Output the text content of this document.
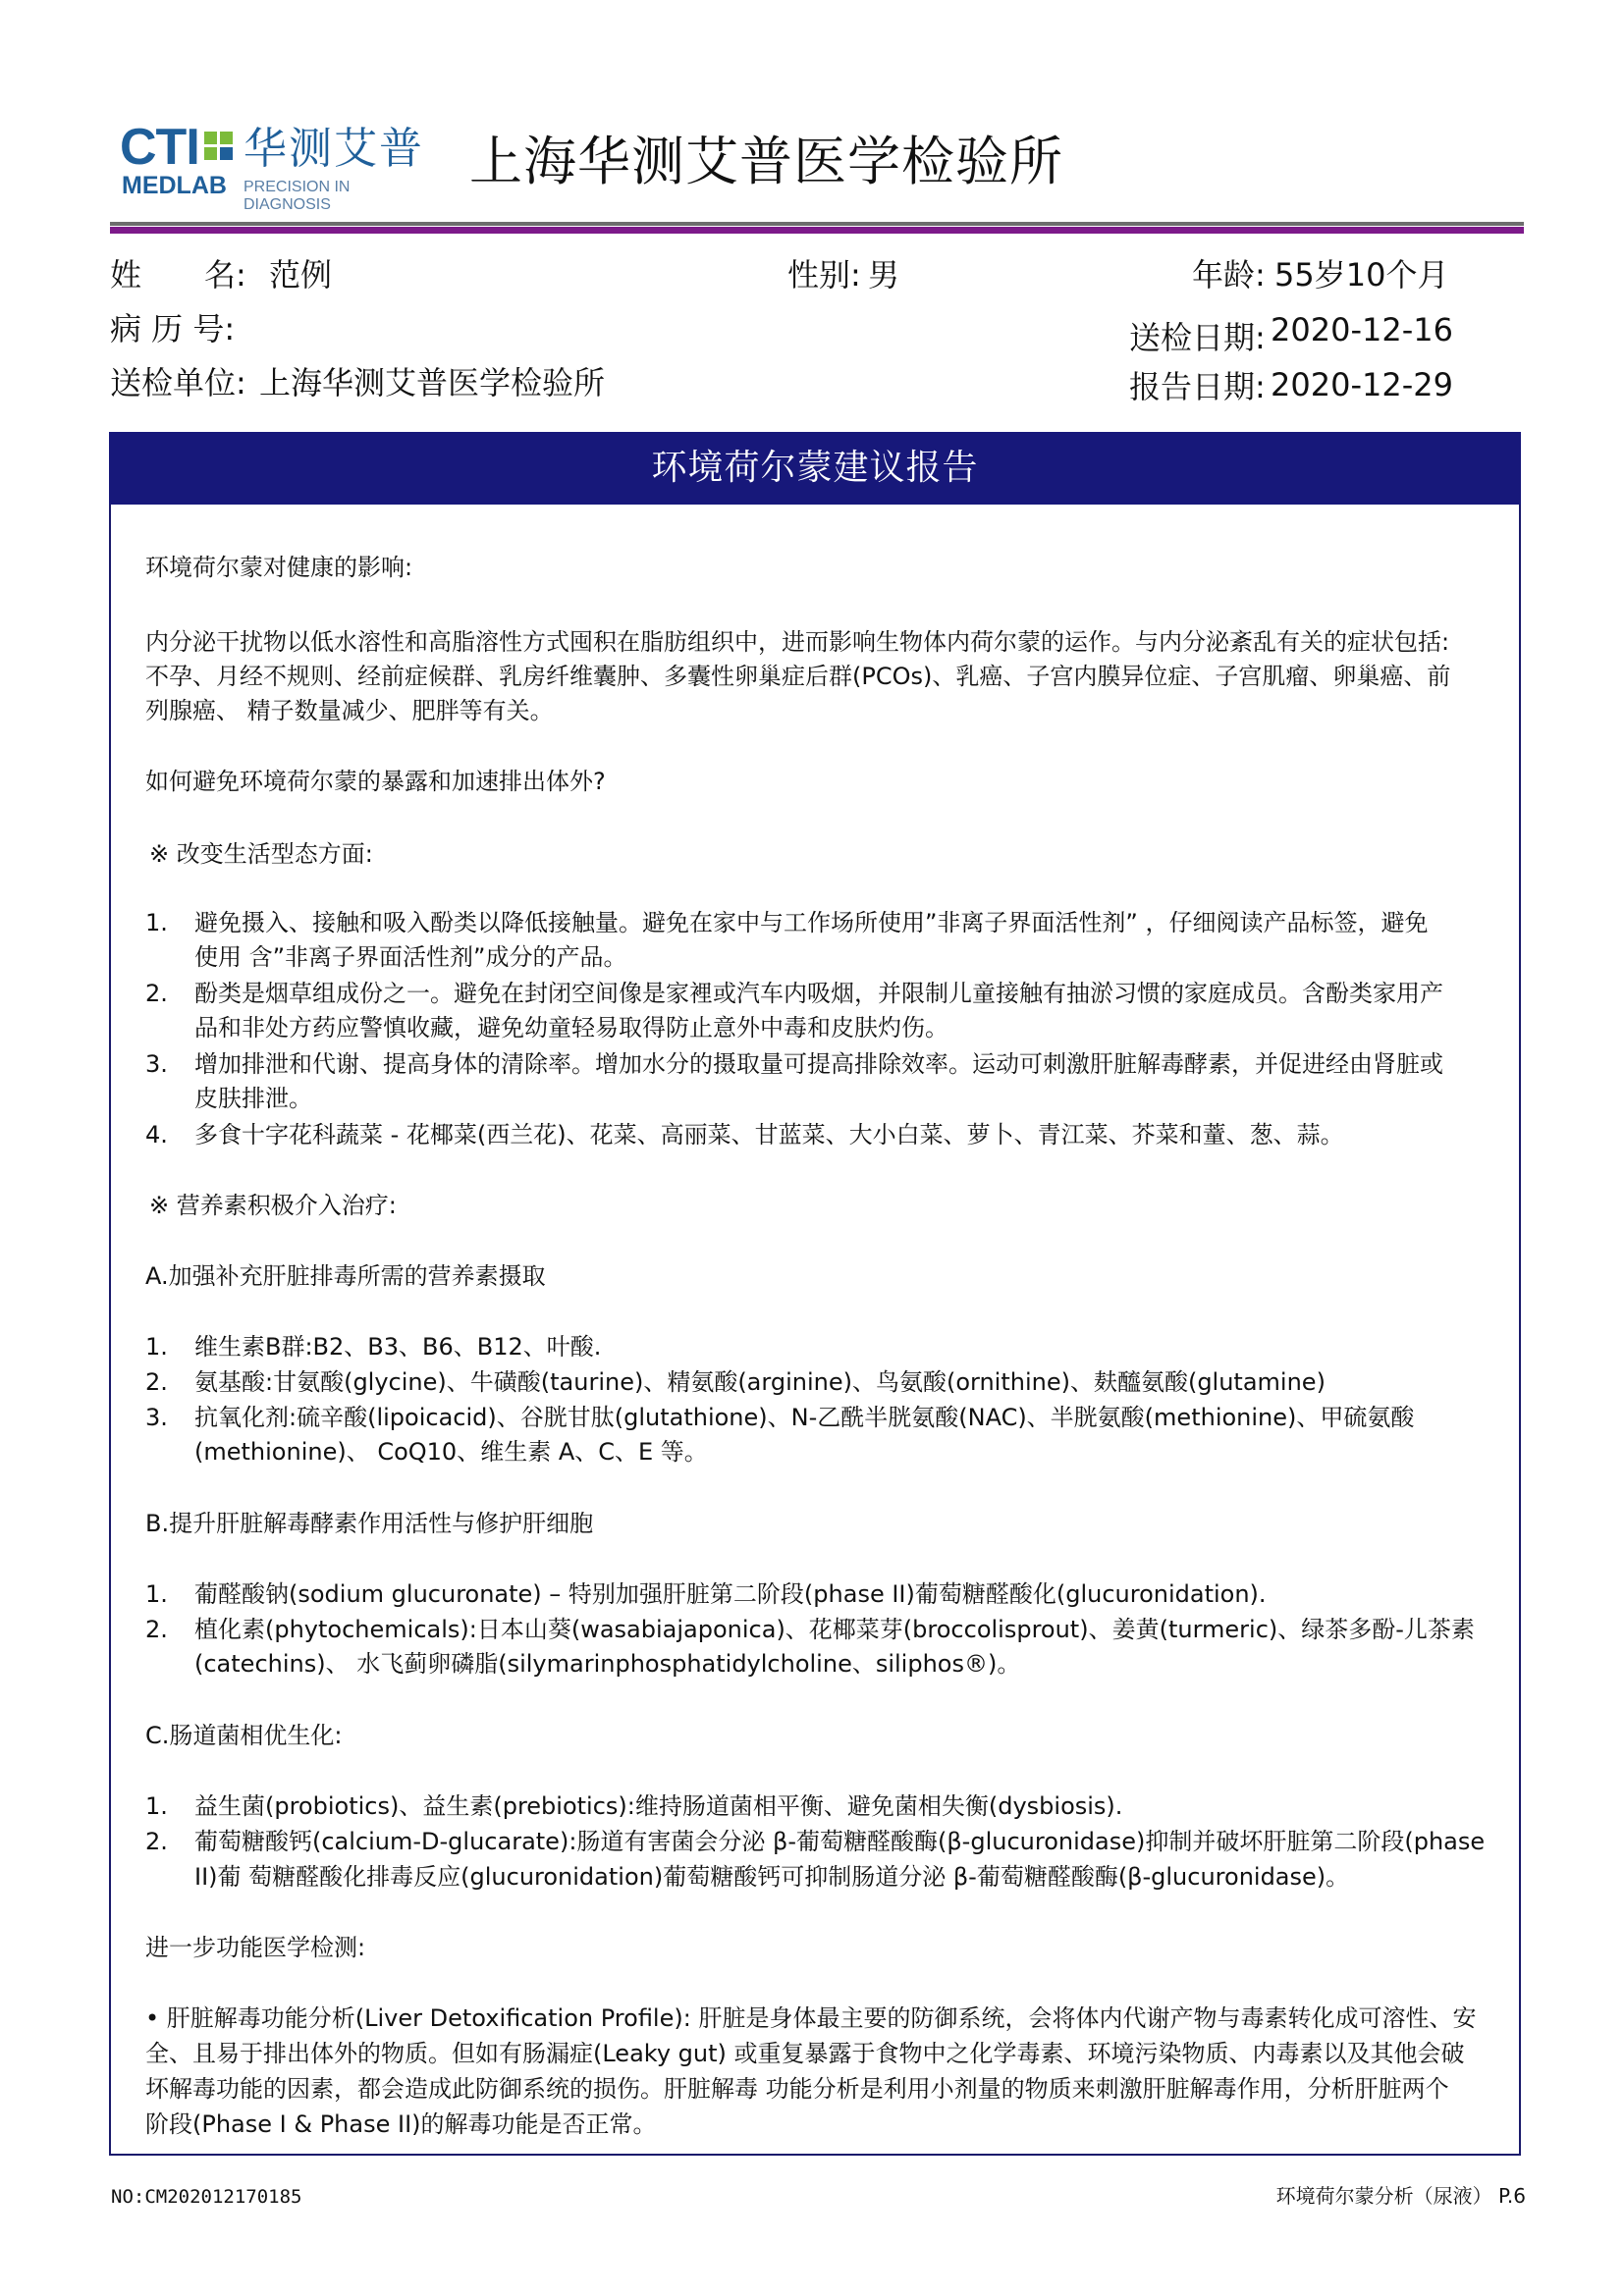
CTI 华测艾普
MEDLAB PRECISION IN DIAGNOSIS
上海华测艾普医学检验所
姓　　名: 范例	性别: 男	年龄: 55岁10个月
病 历 号:	送检日期: 2020-12-16
送检单位: 上海华测艾普医学检验所	报告日期: 2020-12-29
环境荷尔蒙建议报告
环境荷尔蒙对健康的影响:
内分泌干扰物以低水溶性和高脂溶性方式囤积在脂肪组织中，进而影响生物体内荷尔蒙的运作。与内分泌紊乱有关的症状包括:
不孕、月经不规则、经前症候群、乳房纤维囊肿、多囊性卵巢症后群(PCOs)、乳癌、子宫内膜异位症、子宫肌瘤、卵巢癌、前
列腺癌、 精子数量减少、肥胖等有关。
如何避免环境荷尔蒙的暴露和加速排出体外?
※ 改变生活型态方面:
1. 避免摄入、接触和吸入酚类以降低接触量。避免在家中与工作场所使用”非离子界面活性剂” ，仔细阅读产品标签，避免
使用 含”非离子界面活性剂”成分的产品。
2. 酚类是烟草组成份之一。避免在封闭空间像是家裡或汽车内吸烟，并限制儿童接触有抽淤习惯的家庭成员。含酚类家用产
品和非处方药应警慎收藏，避免幼童轻易取得防止意外中毒和皮肤灼伤。
3. 增加排泄和代谢、提高身体的清除率。增加水分的摄取量可提高排除效率。运动可刺激肝脏解毒酵素，并促进经由肾脏或
皮肤排泄。
4. 多食十字花科蔬菜 - 花椰菜(西兰花)、花菜、高丽菜、甘蓝菜、大小白菜、萝卜、青江菜、芥菜和蕫、葱、蒜。
※ 营养素积极介入治疗:
A.加强补充肝脏排毒所需的营养素摄取
1. 维生素B群:B2、B3、B6、B12、叶酸.
2. 氨基酸:甘氨酸(glycine)、牛磺酸(taurine)、精氨酸(arginine)、鸟氨酸(ornithine)、麸醯氨酸(glutamine)
3. 抗氧化剂:硫辛酸(lipoicacid)、谷胱甘肽(glutathione)、N-乙酰半胱氨酸(NAC)、半胱氨酸(methionine)、甲硫氨酸
(methionine)、 CoQ10、维生素 A、C、E 等。
B.提升肝脏解毒酵素作用活性与修护肝细胞
1. 葡醛酸钠(sodium glucuronate) – 特别加强肝脏第二阶段(phase II)葡萄糖醛酸化(glucuronidation).
2. 植化素(phytochemicals):日本山葵(wasabiajaponica)、花椰菜芽(broccolisprout)、姜黄(turmeric)、绿茶多酚-儿茶素
(catechins)、 水飞蓟卵磷脂(silymarinphosphatidylcholine、siliphos®)。
C.肠道菌相优生化:
1. 益生菌(probiotics)、益生素(prebiotics):维持肠道菌相平衡、避免菌相失衡(dysbiosis).
2. 葡萄糖酸钙(calcium-D-glucarate):肠道有害菌会分泌 β-葡萄糖醛酸酶(β-glucuronidase)抑制并破坏肝脏第二阶段(phase
II)葡 萄糖醛酸化排毒反应(glucuronidation)葡萄糖酸钙可抑制肠道分泌 β-葡萄糖醛酸酶(β-glucuronidase)。
进一步功能医学检测:
• 肝脏解毒功能分析(Liver Detoxification Profile): 肝脏是身体最主要的防御系统，会将体内代谢产物与毒素转化成可溶性、安
全、且易于排出体外的物质。但如有肠漏症(Leaky gut) 或重复暴露于食物中之化学毒素、环境污染物质、内毒素以及其他会破
坏解毒功能的因素，都会造成此防御系统的损伤。肝脏解毒 功能分析是利用小剂量的物质来刺激肝脏解毒作用，分析肝脏两个
阶段(Phase I & Phase II)的解毒功能是否正常。
NO:CM202012170185	环境荷尔蒙分析（尿液） P.6
